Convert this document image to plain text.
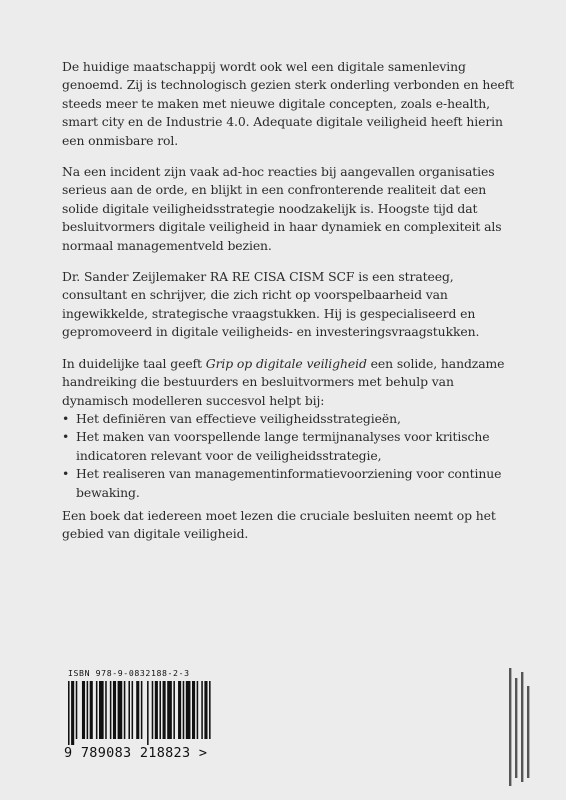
De huidige maatschappij wordt ook wel een digitale samenleving genoemd. Zij is technologisch gezien sterk onderling verbonden en heeft steeds meer te maken met nieuwe digitale concepten, zoals e-health, smart city en de Industrie 4.0. Adequate digitale veiligheid heeft hierin een onmisbare rol.

Na een incident zijn vaak ad-hoc reacties bij aangevallen organisaties serieus aan de orde, en blijkt in een confronterende realiteit dat een solide digitale veiligheidsstrategie noodzakelijk is. Hoogste tijd dat besluitvormers digitale veiligheid in haar dynamiek en complexiteit als normaal managementveld bezien.

Dr. Sander Zeijlemaker RA RE CISA CISM SCF is een strateeg, consultant en schrijver, die zich richt op voorspelbaarheid van ingewikkelde, strategische vraagstukken. Hij is gespecialiseerd en gepromoveerd in digitale veiligheids- en investeringsvraagstukken.

In duidelijke taal geeft Grip op digitale veiligheid een solide, handzame handreiking die bestuurders en besluitvormers met behulp van dynamisch modelleren succesvol helpt bij:

• Het definiëren van effectieve veiligheidsstrategieën,
• Het maken van voorspellende lange termijnanalyses voor kritische indicatoren relevant voor de veiligheidsstrategie,
• Het realiseren van managementinformatievoorziening voor continue bewaking.

Een boek dat iedereen moet lezen die cruciale besluiten neemt op het gebied van digitale veiligheid.

ISBN 978-9-0832188-2-3
9 789083 218823 >
